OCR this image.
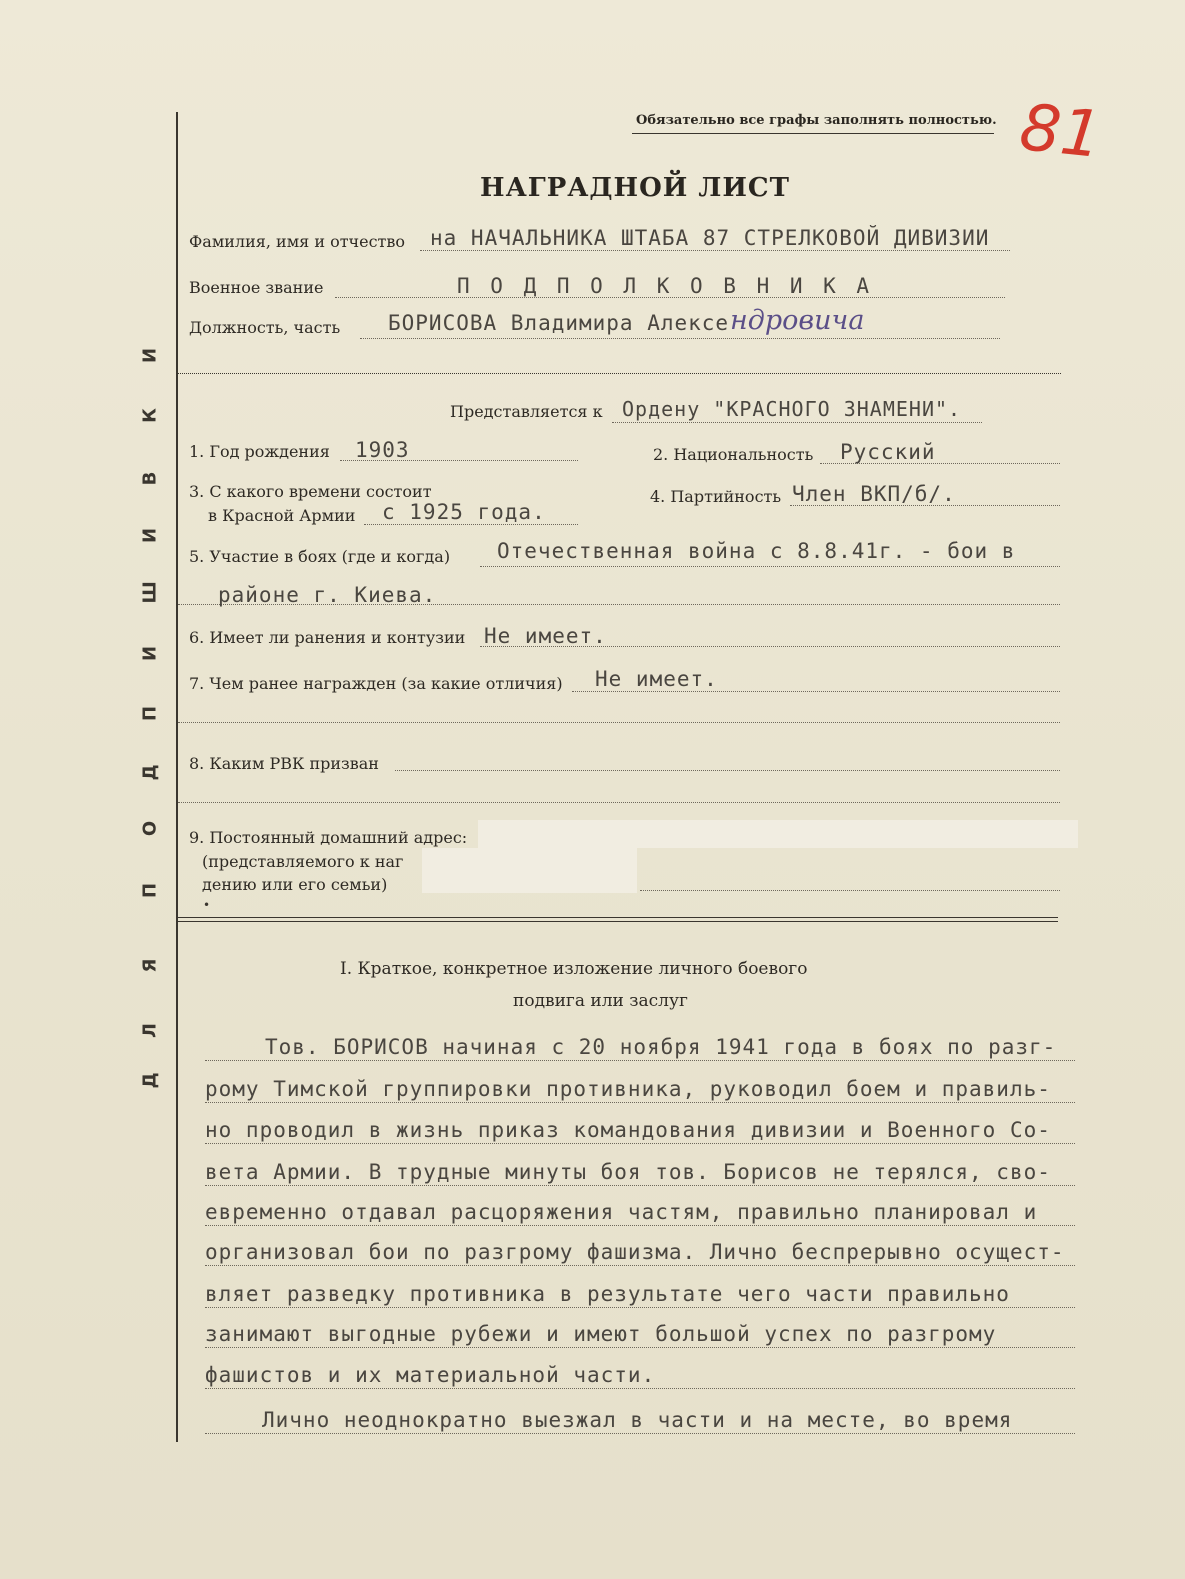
Д
Л
Я
П
О
Д
П
И
Ш
И
В
К
И
Обязательно все графы заполнять полностью. 81
НАГРАДНОЙ ЛИСТ
Фамилия, имя и отчество на НАЧАЛЬНИКА ШТАБА 87 СТРЕЛКОВОЙ ДИВИЗИИ
Военное звание	П О Д П О Л К О В Н И К А
Должность, часть БОРИСОВА Владимира Алексе ндровича
Представляется к Ордену "КРАСНОГО ЗНАМЕНИ".
1. Год рождения 1903	2. Национальность Русский
3. С какого времени состоит
в Красной Армии с 1925 года.
4. Партийность Член ВКП/б/.
5. Участие в боях (где и когда) Отечественная война с 8.8.41г. - бои в
районе г. Киева.
6. Имеет ли ранения и контузии Не имеет.
7. Чем ранее награжден (за какие отличия) Не имеет.
8. Каким РВК призван
9. Постоянный домашний адрес:
(представляемого к наг
дению или его семьи)
•
I. Краткое, конкретное изложение личного боевого
подвига или заслуг
Тов. БОРИСОВ начиная с 20 ноября 1941 года в боях по разг-
рому Тимской группировки противника, руководил боем и правиль-
но проводил в жизнь приказ командования дивизии и Военного Со-
вета Армии. В трудные минуты боя тов. Борисов не терялся, сво-
евременно отдавал расцоряжения частям, правильно планировал и
организовал бои по разгрому фашизма. Лично беспрерывно осущест-
вляет разведку противника в результате чего части правильно
занимают выгодные рубежи и имеют большой успех по разгрому
фашистов и их материальной части.
Лично неоднократно выезжал в части и на месте, во время
